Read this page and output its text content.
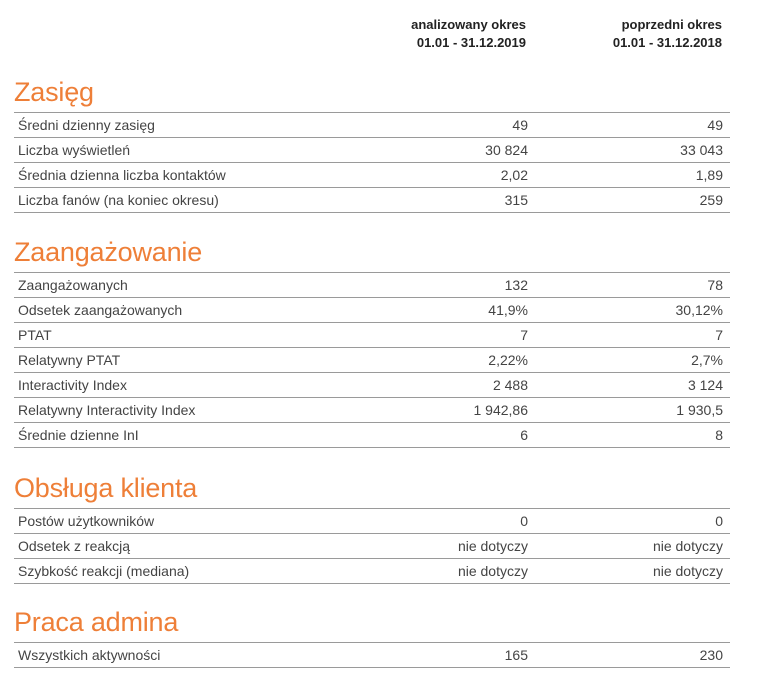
analizowany okres
01.01 - 31.12.2019
poprzedni okres
01.01 - 31.12.2018
Zasięg
Średni dzienny zasięg	49	49
Liczba wyświetleń	30 824	33 043
Średnia dzienna liczba kontaktów	2,02	1,89
Liczba fanów (na koniec okresu)	315	259
Zaangażowanie
Zaangażowanych	132	78
Odsetek zaangażowanych	41,9%	30,12%
PTAT	7	7
Relatywny PTAT	2,22%	2,7%
Interactivity Index	2 488	3 124
Relatywny Interactivity Index	1 942,86	1 930,5
Średnie dzienne InI	6	8
Obsługa klienta
Postów użytkowników	0	0
Odsetek z reakcją	nie dotyczy	nie dotyczy
Szybkość reakcji (mediana)	nie dotyczy	nie dotyczy
Praca admina
Wszystkich aktywności	165	230
